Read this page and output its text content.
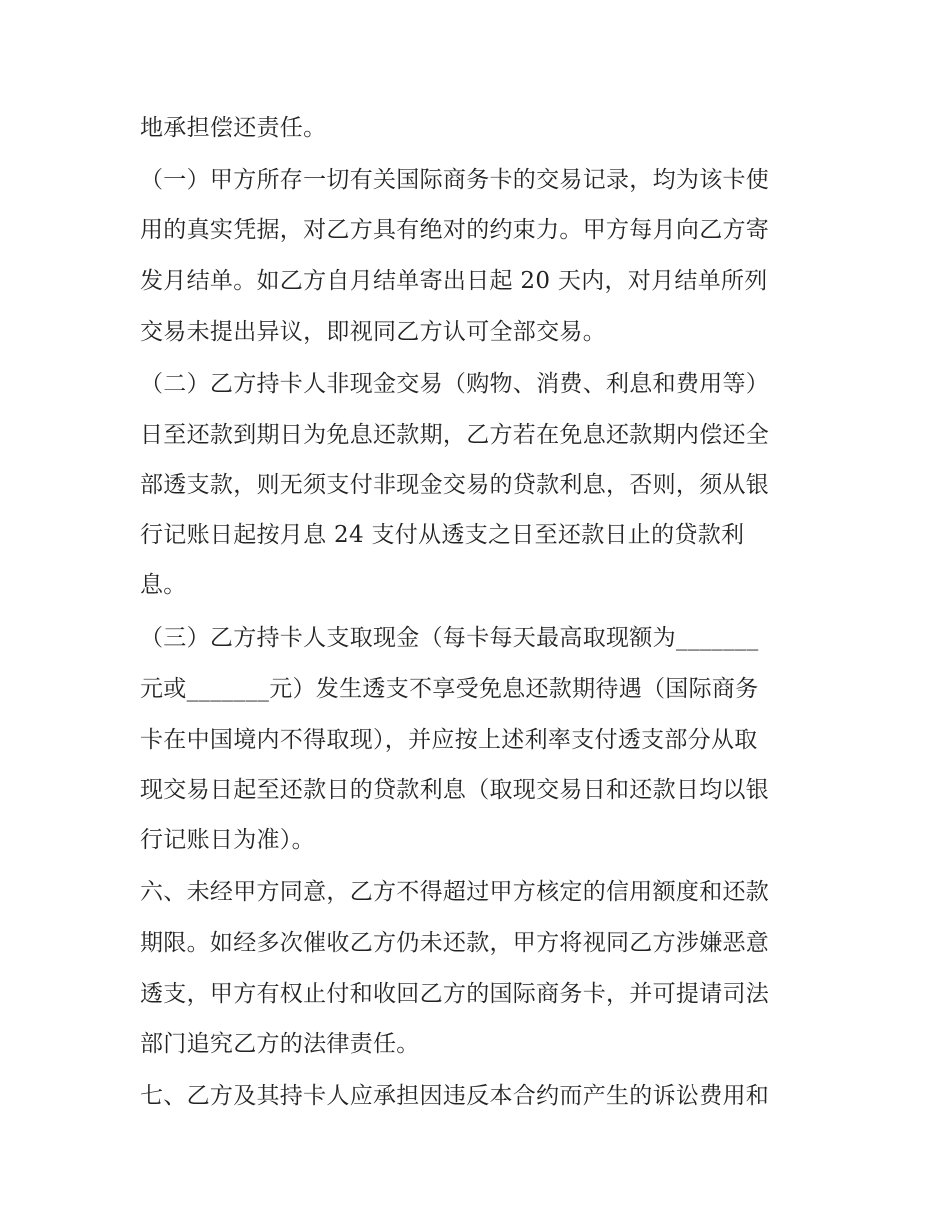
地承担偿还责任。
（一）甲方所存一切有关国际商务卡的交易记录，均为该卡使
用的真实凭据，对乙方具有绝对的约束力。甲方每月向乙方寄
发月结单。如乙方自月结单寄出日起 20 天内，对月结单所列
交易未提出异议，即视同乙方认可全部交易。
（二）乙方持卡人非现金交易（购物、消费、利息和费用等）
日至还款到期日为免息还款期，乙方若在免息还款期内偿还全
部透支款，则无须支付非现金交易的贷款利息，否则，须从银
行记账日起按月息 24 支付从透支之日至还款日止的贷款利
息。
（三）乙方持卡人支取现金（每卡每天最高取现额为_______
元或_______元）发生透支不享受免息还款期待遇（国际商务
卡在中国境内不得取现），并应按上述利率支付透支部分从取
现交易日起至还款日的贷款利息（取现交易日和还款日均以银
行记账日为准）。
六、未经甲方同意，乙方不得超过甲方核定的信用额度和还款
期限。如经多次催收乙方仍未还款，甲方将视同乙方涉嫌恶意
透支，甲方有权止付和收回乙方的国际商务卡，并可提请司法
部门追究乙方的法律责任。
七、乙方及其持卡人应承担因违反本合约而产生的诉讼费用和
